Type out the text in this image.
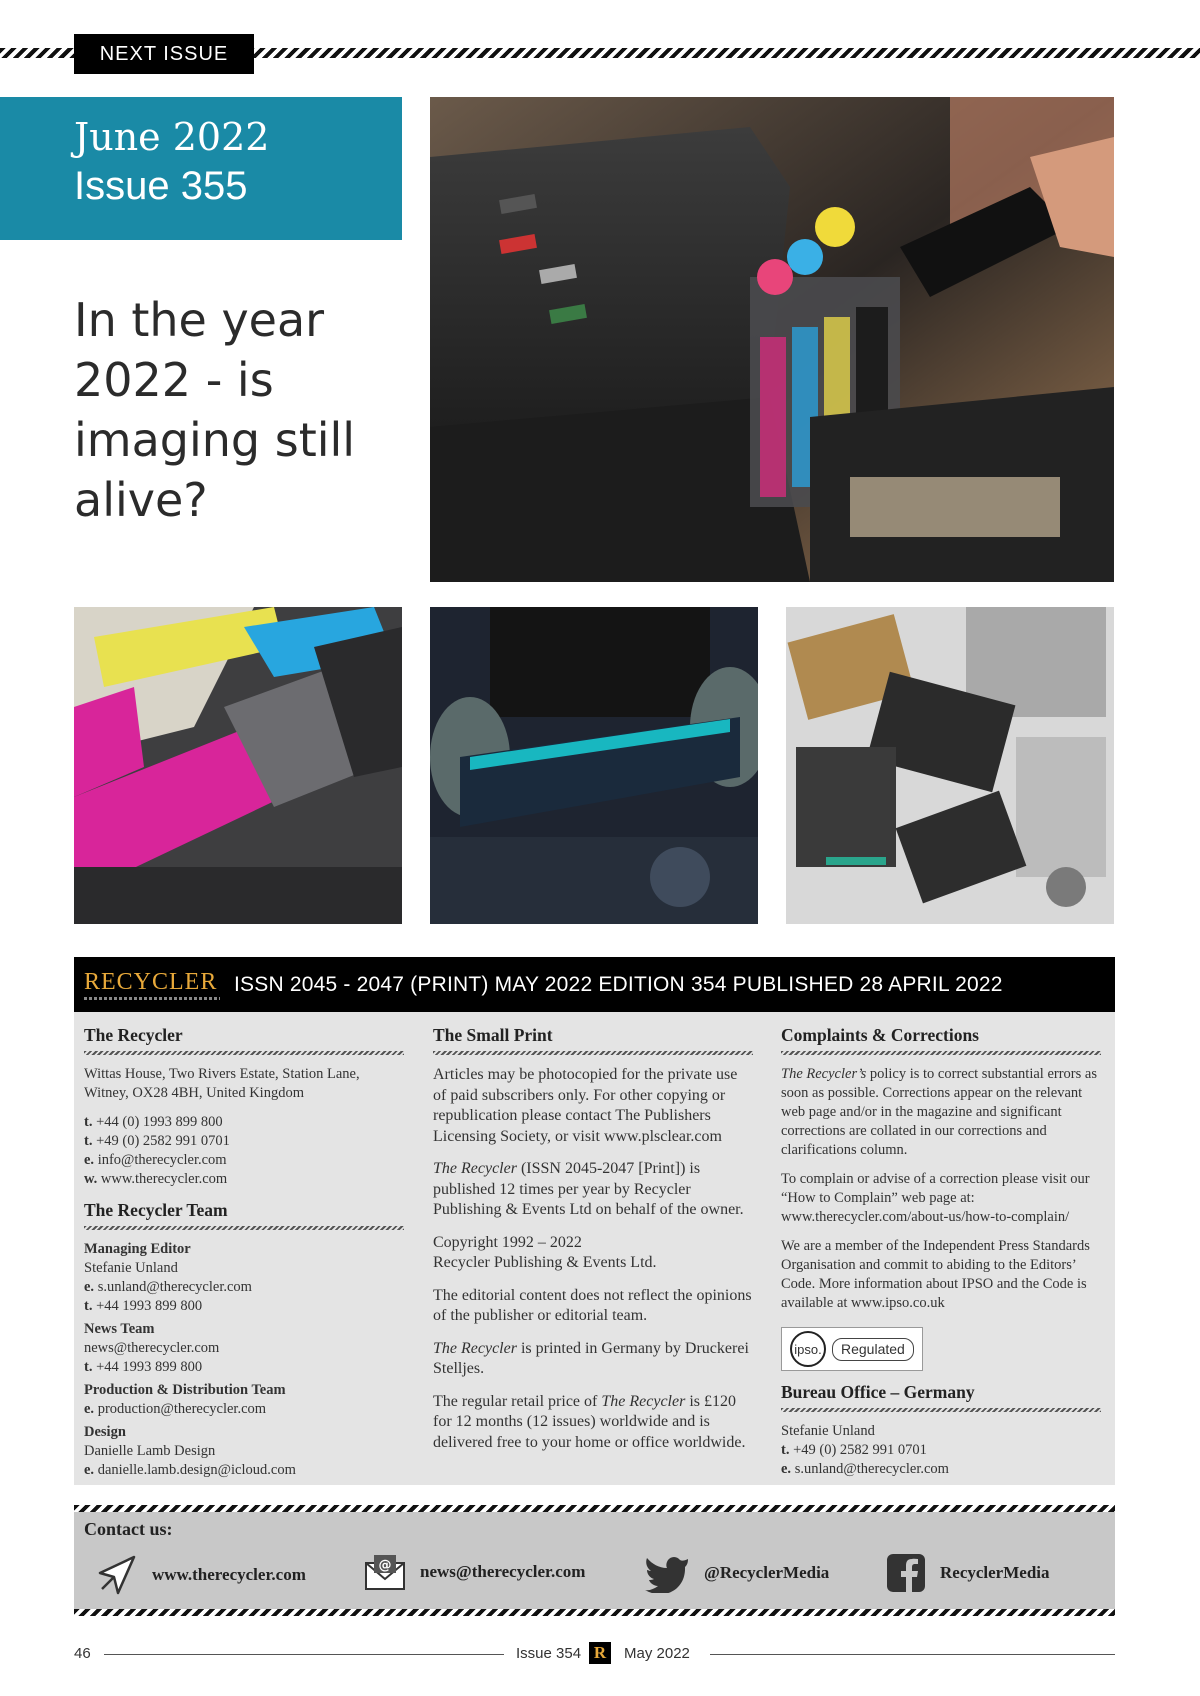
NEXT ISSUE
June 2022
Issue 355
In the year 2022 - is imaging still alive?
RECYCLER ISSN 2045 - 2047 (PRINT) MAY 2022 EDITION 354 PUBLISHED 28 APRIL 2022
The Recycler

Wittas House, Two Rivers Estate, Station Lane, Witney, OX28 4BH, United Kingdom

t. +44 (0) 1993 899 800
t. +49 (0) 2582 991 0701
e. info@therecycler.com
w. www.therecycler.com
The Recycler Team
Managing Editor
Stefanie Unland
e. s.unland@therecycler.com
t. +44 1993 899 800
News Team
news@therecycler.com
t. +44 1993 899 800
Production & Distribution Team
e. production@therecycler.com
Design
Danielle Lamb Design
e. danielle.lamb.design@icloud.com
The Small Print

Articles may be photocopied for the private use of paid subscribers only. For other copying or republication please contact The Publishers Licensing Society, or visit www.plsclear.com

The Recycler (ISSN 2045-2047 [Print]) is published 12 times per year by Recycler Publishing & Events Ltd on behalf of the owner.

Copyright 1992 – 2022
Recycler Publishing & Events Ltd.

The editorial content does not reflect the opinions of the publisher or editorial team.

The Recycler is printed in Germany by Druckerei Stelljes.

The regular retail price of The Recycler is £120 for 12 months (12 issues) worldwide and is delivered free to your home or office worldwide.

Complaints & Corrections

The Recycler’s policy is to correct substantial errors as soon as possible. Corrections appear on the relevant web page and/or in the magazine and significant corrections are collated in our corrections and clarifications column.

To complain or advise of a correction please visit our “How to Complain” web page at: www.therecycler.com/about-us/how-to-complain/

We are a member of the Independent Press Standards Organisation and commit to abiding to the Editors’ Code. More information about IPSO and the Code is available at www.ipso.co.uk

ipso.	Regulated
Bureau Office – Germany
Stefanie Unland
t. +49 (0) 2582 991 0701
e. s.unland@therecycler.com
Contact us:
www.therecycler.com	@ news@therecycler.com	@RecyclerMedia	RecyclerMedia
46	Issue 354 R	May 2022
